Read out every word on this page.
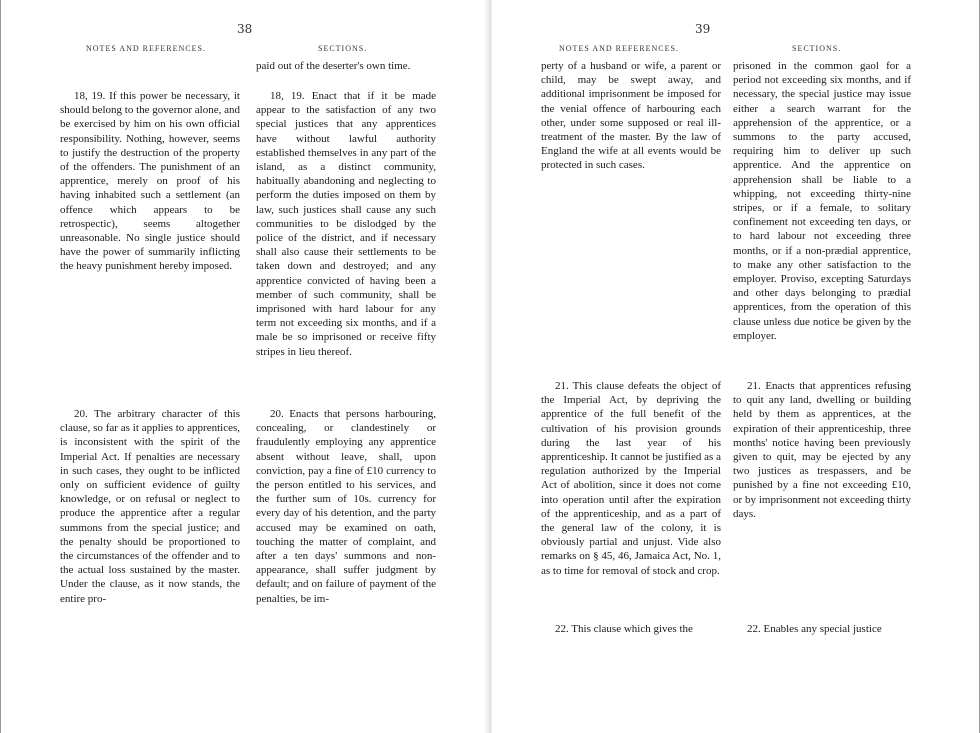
38
NOTES AND REFERENCES.	SECTIONS.

18, 19. If this power be necessary, it should belong to the governor alone, and be exercised by him on his own official responsibility. Nothing, however, seems to justify the destruction of the property of the offenders. The punishment of an apprentice, merely on proof of his having inhabited such a settlement (an offence which appears to be retrospectic), seems altogether unreasonable. No single justice should have the power of summarily inflicting the heavy punishment hereby imposed.

20. The arbitrary character of this clause, so far as it applies to apprentices, is inconsistent with the spirit of the Imperial Act. If penalties are necessary in such cases, they ought to be inflicted only on sufficient evidence of guilty knowledge, or on refusal or neglect to produce the apprentice after a regular summons from the special justice; and the penalty should be proportioned to the circumstances of the offender and to the actual loss sustained by the master. Under the clause, as it now stands, the entire pro-

paid out of the deserter's own time.

18, 19. Enact that if it be made appear to the satisfaction of any two special justices that any apprentices have without lawful authority established themselves in any part of the island, as a distinct community, habitually abandoning and neglecting to perform the duties imposed on them by law, such justices shall cause any such communities to be dislodged by the police of the district, and if necessary shall also cause their settlements to be taken down and destroyed; and any apprentice convicted of having been a member of such community, shall be imprisoned with hard labour for any term not exceeding six months, and if a male be so imprisoned or receive fifty stripes in lieu thereof.

20. Enacts that persons harbouring, concealing, or clandestinely or fraudulently employing any apprentice absent without leave, shall, upon conviction, pay a fine of £10 currency to the person entitled to his services, and the further sum of 10s. currency for every day of his detention, and the party accused may be examined on oath, touching the matter of complaint, and after a ten days' summons and non-appearance, shall suffer judgment by default; and on failure of payment of the penalties, be im-

39
NOTES AND REFERENCES.	SECTIONS.

perty of a husband or wife, a parent or child, may be swept away, and additional imprisonment be imposed for the venial offence of harbouring each other, under some supposed or real ill-treatment of the master. By the law of England the wife at all events would be protected in such cases.

21. This clause defeats the object of the Imperial Act, by depriving the apprentice of the full benefit of the cultivation of his provision grounds during the last year of his apprenticeship. It cannot be justified as a regulation authorized by the Imperial Act of abolition, since it does not come into operation until after the expiration of the apprenticeship, and as a part of the general law of the colony, it is obviously partial and unjust. Vide also remarks on § 45, 46, Jamaica Act, No. 1, as to time for removal of stock and crop.

22. This clause which gives the

prisoned in the common gaol for a period not exceeding six months, and if necessary, the special justice may issue either a search warrant for the apprehension of the apprentice, or a summons to the party accused, requiring him to deliver up such apprentice. And the apprentice on apprehension shall be liable to a whipping, not exceeding thirty-nine stripes, or if a female, to solitary confinement not exceeding ten days, or to hard labour not exceeding three months, or if a non-prædial apprentice, to make any other satisfaction to the employer. Proviso, excepting Saturdays and other days belonging to prædial apprentices, from the operation of this clause unless due notice be given by the employer.

21. Enacts that apprentices refusing to quit any land, dwelling or building held by them as apprentices, at the expiration of their apprenticeship, three months' notice having been previously given to quit, may be ejected by any two justices as trespassers, and be punished by a fine not exceeding £10, or by imprisonment not exceeding thirty days.

22. Enables any special justice
